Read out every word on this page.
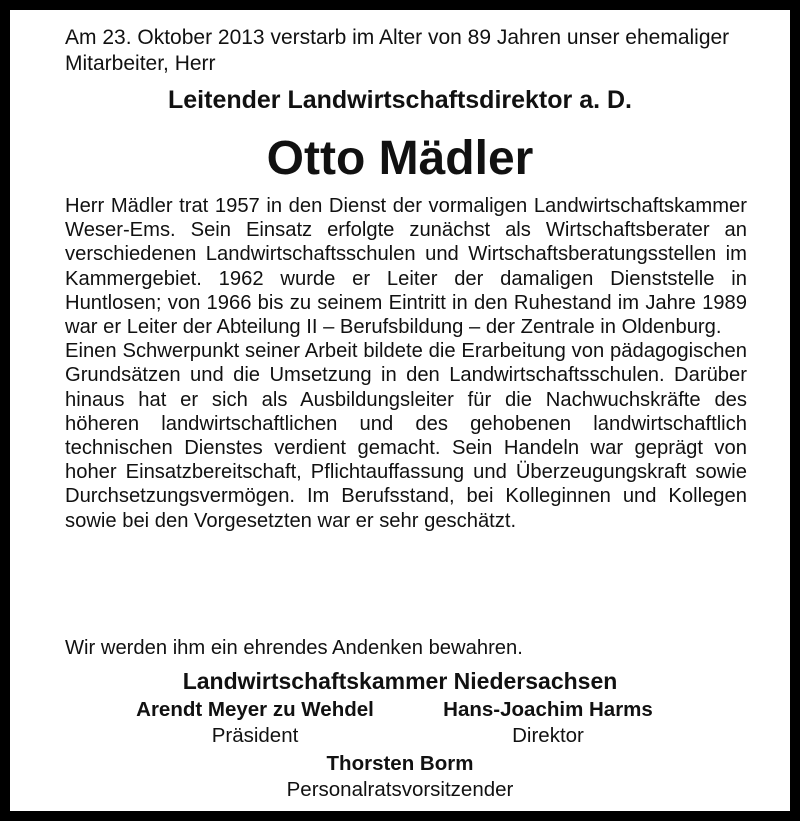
Am 23. Oktober 2013 verstarb im Alter von 89 Jahren unser ehemaliger Mitarbeiter, Herr
Leitender Landwirtschaftsdirektor a. D.
Otto Mädler

Herr Mädler trat 1957 in den Dienst der vormaligen Landwirtschaftskammer Weser-Ems. Sein Einsatz erfolgte zunächst als Wirtschaftsberater an verschiedenen Landwirtschaftsschulen und Wirtschaftsberatungsstellen im Kammergebiet. 1962 wurde er Leiter der damaligen Dienststelle in Huntlosen; von 1966 bis zu seinem Eintritt in den Ruhestand im Jahre 1989 war er Leiter der Abteilung II – Berufsbildung – der Zentrale in Oldenburg.

Einen Schwerpunkt seiner Arbeit bildete die Erarbeitung von pädagogischen Grundsätzen und die Umsetzung in den Landwirtschaftsschulen. Darüber hinaus hat er sich als Ausbildungsleiter für die Nachwuchskräfte des höheren landwirtschaftlichen und des gehobenen landwirtschaftlich technischen Dienstes verdient gemacht. Sein Handeln war geprägt von hoher Einsatzbereitschaft, Pflichtauffassung und Überzeugungskraft sowie Durchsetzungsvermögen. Im Berufsstand, bei Kolleginnen und Kollegen sowie bei den Vorgesetzten war er sehr geschätzt.

Wir werden ihm ein ehrendes Andenken bewahren.
Landwirtschaftskammer Niedersachsen
Arendt Meyer zu Wehdel
Präsident
Hans-Joachim Harms
Direktor
Thorsten Borm
Personalratsvorsitzender
